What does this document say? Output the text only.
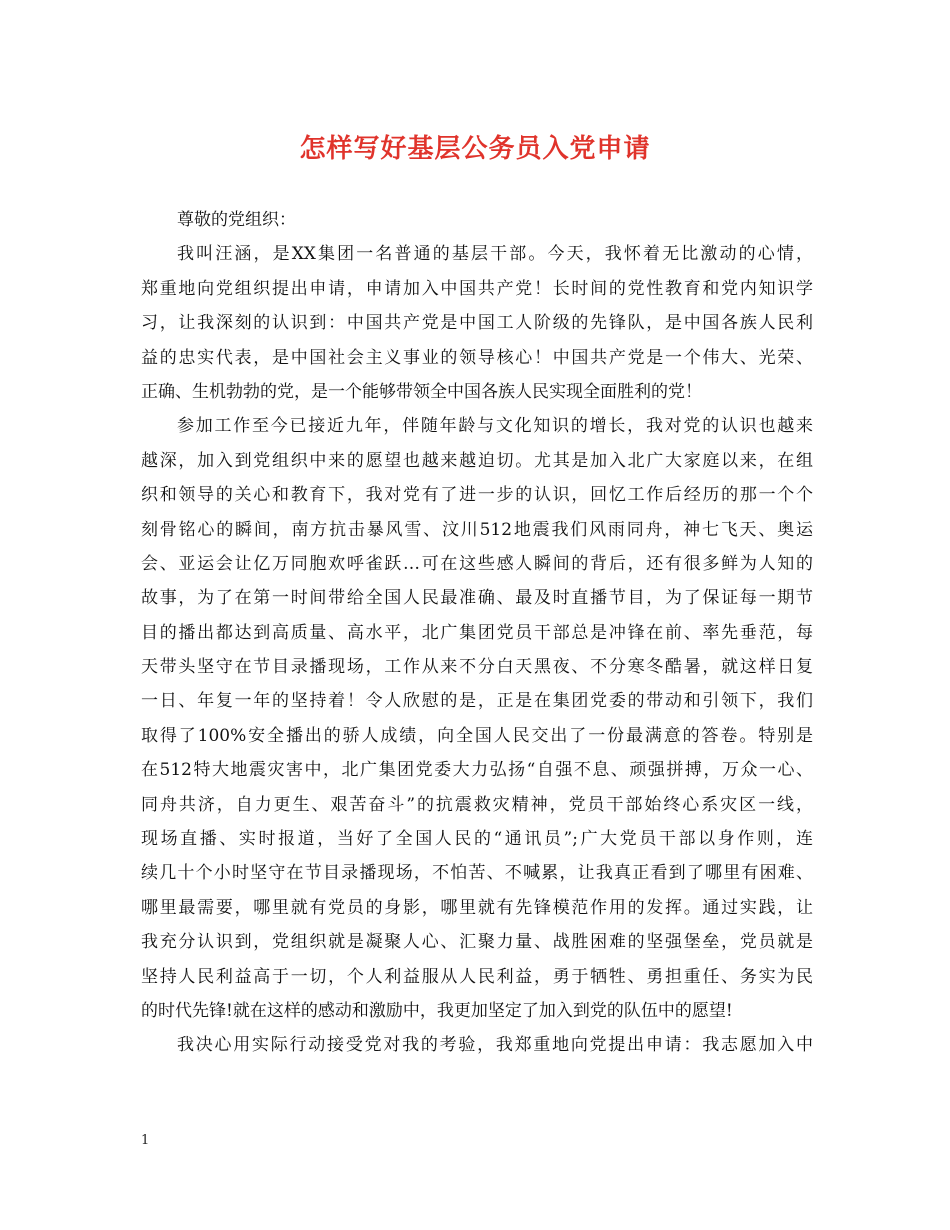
怎样写好基层公务员入党申请
尊敬的党组织：
我叫汪涵，是XX集团一名普通的基层干部。今天，我怀着无比激动的心情，
郑重地向党组织提出申请，申请加入中国共产党！长时间的党性教育和党内知识学
习，让我深刻的认识到：中国共产党是中国工人阶级的先锋队，是中国各族人民利
益的忠实代表，是中国社会主义事业的领导核心！中国共产党是一个伟大、光荣、
正确、生机勃勃的党，是一个能够带领全中国各族人民实现全面胜利的党！
参加工作至今已接近九年，伴随年龄与文化知识的增长，我对党的认识也越来
越深，加入到党组织中来的愿望也越来越迫切。尤其是加入北广大家庭以来，在组
织和领导的关心和教育下，我对党有了进一步的认识，回忆工作后经历的那一个个
刻骨铭心的瞬间，南方抗击暴风雪、汶川512地震我们风雨同舟，神七飞天、奥运
会、亚运会让亿万同胞欢呼雀跃…可在这些感人瞬间的背后，还有很多鲜为人知的
故事，为了在第一时间带给全国人民最准确、最及时直播节目，为了保证每一期节
目的播出都达到高质量、高水平，北广集团党员干部总是冲锋在前、率先垂范，每
天带头坚守在节目录播现场，工作从来不分白天黑夜、不分寒冬酷暑，就这样日复
一日、年复一年的坚持着！令人欣慰的是，正是在集团党委的带动和引领下，我们
取得了100%安全播出的骄人成绩，向全国人民交出了一份最满意的答卷。特别是
在512特大地震灾害中，北广集团党委大力弘扬“自强不息、顽强拼搏，万众一心、
同舟共济，自力更生、艰苦奋斗”的抗震救灾精神，党员干部始终心系灾区一线，
现场直播、实时报道，当好了全国人民的“通讯员”;广大党员干部以身作则，连
续几十个小时坚守在节目录播现场，不怕苦、不喊累，让我真正看到了哪里有困难、
哪里最需要，哪里就有党员的身影，哪里就有先锋模范作用的发挥。通过实践，让
我充分认识到，党组织就是凝聚人心、汇聚力量、战胜困难的坚强堡垒，党员就是
坚持人民利益高于一切，个人利益服从人民利益，勇于牺牲、勇担重任、务实为民
的时代先锋!就在这样的感动和激励中，我更加坚定了加入到党的队伍中的愿望!
我决心用实际行动接受党对我的考验，我郑重地向党提出申请：我志愿加入中
1
